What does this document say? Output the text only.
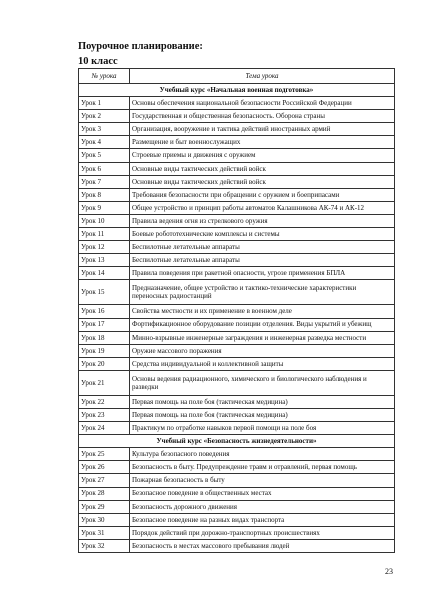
Поурочное планирование:
10 класс
№ урока	Тема урока
Учебный курс «Начальная военная подготовка»	
Урок 1	Основы обеспечения национальной безопасности Российской Федерации
Урок 2	Государственная и общественная безопасность. Оборона страны
Урок 3	Организация, вооружение и тактика действий иностранных армий
Урок 4	Размещение и быт военнослужащих
Урок 5	Строевые приемы и движения с оружием
Урок 6	Основные виды тактических действий войск
Урок 7	Основные виды тактических действий войск
Урок 8	Требования безопасности при обращении с оружием и боеприпасами
Урок 9	Общее устройство и принцип работы автоматов Калашникова АК-74 и АК-12
Урок 10	Правила ведения огня из стрелкового оружия
Урок 11	Боевые робототехнические комплексы и системы
Урок 12	Беспилотные летательные аппараты
Урок 13	Беспилотные летательные аппараты
Урок 14	Правила поведения при ракетной опасности, угрозе применения БПЛА
Урок 15	Предназначение, общее устройство и тактико-технические характеристики переносных радиостанций
Урок 16	Свойства местности и их применение в военном деле
Урок 17	Фортификационное оборудование позиции отделения. Виды укрытий и убежищ
Урок 18	Минно-взрывные инженерные заграждения и инженерная разведка местности
Урок 19	Оружие массового поражения
Урок 20	Средства индивидуальной и коллективной защиты
Урок 21	Основы ведения радиационного, химического и биологического наблюдения и разведки
Урок 22	Первая помощь на поле боя (тактическая медицина)
Урок 23	Первая помощь на поле боя (тактическая медицина)
Урок 24	Практикум по отработке навыков первой помощи на поле боя
Учебный курс «Безопасность жизнедеятельности»	
Урок 25	Культура безопасного поведения
Урок 26	Безопасность в быту. Предупреждение травм и отравлений, первая помощь
Урок 27	Пожарная безопасность в быту
Урок 28	Безопасное поведение в общественных местах
Урок 29	Безопасность дорожного движения
Урок 30	Безопасное поведение на разных видах транспорта
Урок 31	Порядок действий при дорожно-транспортных происшествиях
Урок 32	Безопасность в местах массового пребывания людей
23
